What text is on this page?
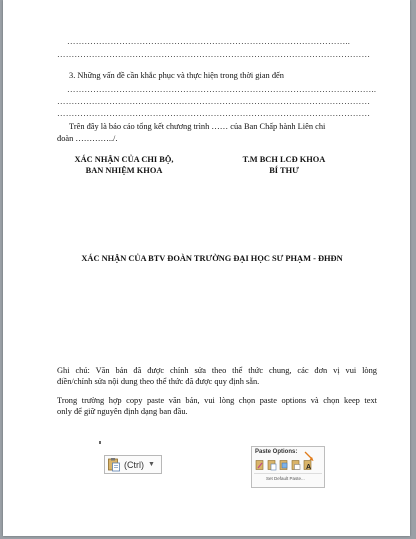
……………………………………………………………………………………..
………………………………………………………………………………………………
3. Những vấn đề cần khắc phục và thực hiện trong thời gian đến
……………………………………………………………………………………………..
………………………………………………………………………………………………
………………………………………………………………………………………………
Trên đây là báo cáo tổng kết chương trình …… của Ban Chấp hành Liên chi
đoàn …………../.
XÁC NHẬN CỦA CHI BỘ,
BAN NHIỆM KHOA
T.M BCH LCĐ KHOA
BÍ THƯ
XÁC NHẬN CỦA BTV ĐOÀN TRƯỜNG ĐẠI HỌC SƯ PHẠM - ĐHĐN
Ghi chú: Văn bản đã được chỉnh sửa theo thể thức chung, các đơn vị vui lòng
điền/chỉnh sửa nội dung theo thể thức đã được quy định sẵn.
Trong trường hợp copy paste văn bản, vui lòng chọn paste options và chọn keep text
only để giữ nguyên định dạng ban đầu.
(Ctrl) ▼
Paste Options:
A
Set Default Paste...
